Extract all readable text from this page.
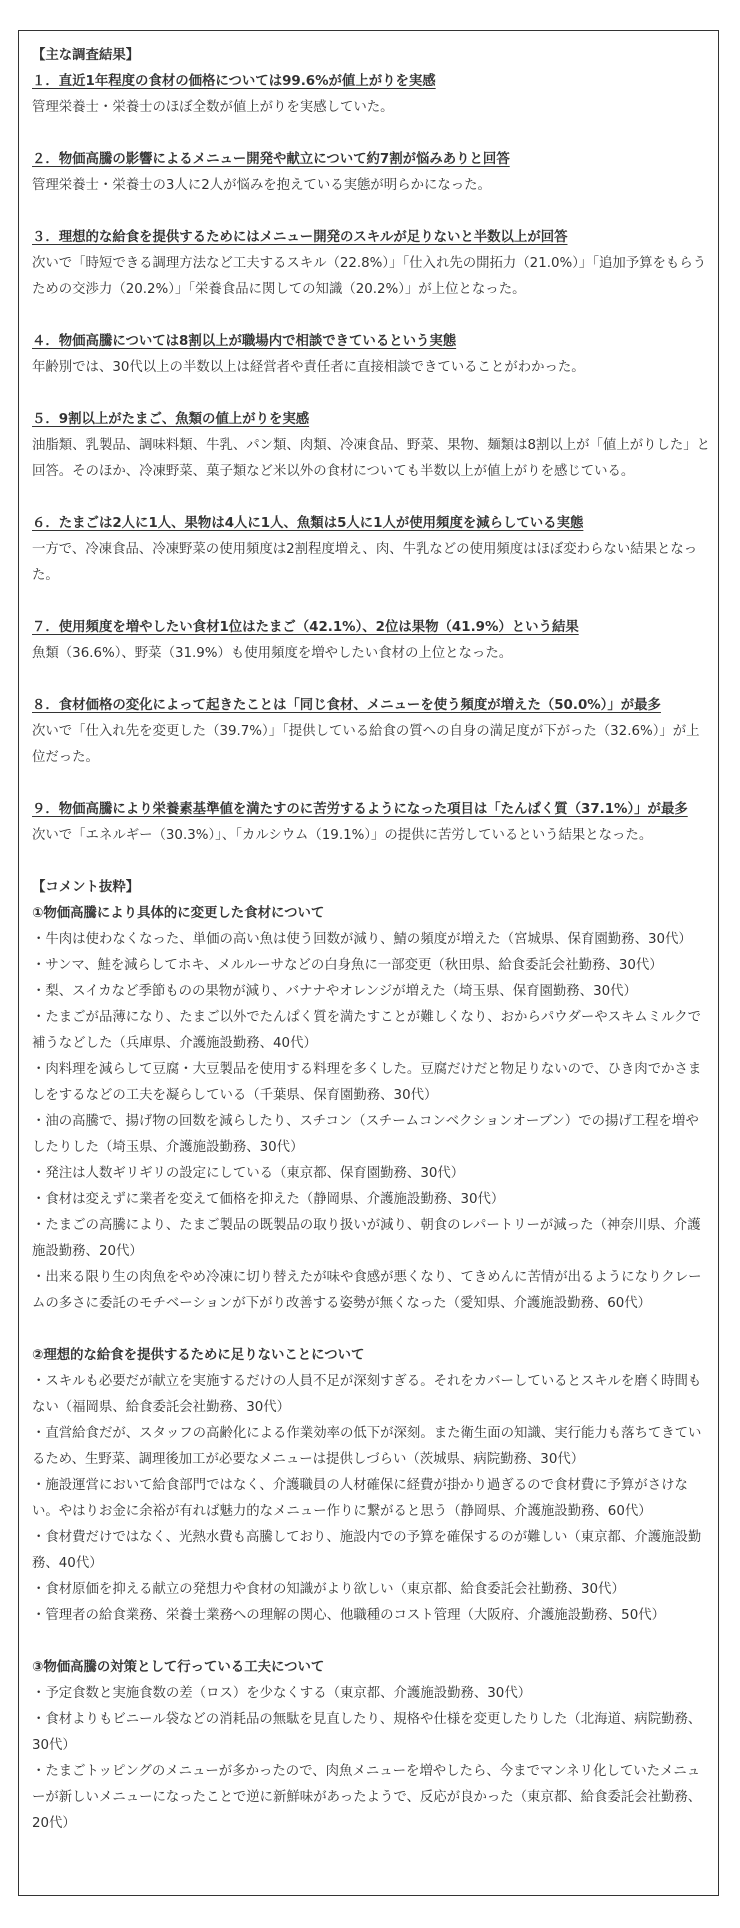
【主な調査結果】

１．直近1年程度の食材の価格については99.6%が値上がりを実感

管理栄養士・栄養士のほぼ全数が値上がりを実感していた。

２．物価高騰の影響によるメニュー開発や献立について約7割が悩みありと回答

管理栄養士・栄養士の3人に2人が悩みを抱えている実態が明らかになった。

３．理想的な給食を提供するためにはメニュー開発のスキルが足りないと半数以上が回答

次いで「時短できる調理方法など工夫するスキル（22.8%）」「仕入れ先の開拓力（21.0%）」「追加予算をもらうための交渉力（20.2%）」「栄養食品に関しての知識（20.2%）」が上位となった。

４．物価高騰については8割以上が職場内で相談できているという実態

年齢別では、30代以上の半数以上は経営者や責任者に直接相談できていることがわかった。

５．9割以上がたまご、魚類の値上がりを実感

油脂類、乳製品、調味料類、牛乳、パン類、肉類、冷凍食品、野菜、果物、麺類は8割以上が「値上がりした」と回答。そのほか、冷凍野菜、菓子類など米以外の食材についても半数以上が値上がりを感じている。

６．たまごは2人に1人、果物は4人に1人、魚類は5人に1人が使用頻度を減らしている実態

一方で、冷凍食品、冷凍野菜の使用頻度は2割程度増え、肉、牛乳などの使用頻度はほぼ変わらない結果となった。

７．使用頻度を増やしたい食材1位はたまご（42.1%）、2位は果物（41.9%）という結果

魚類（36.6%）、野菜（31.9%）も使用頻度を増やしたい食材の上位となった。

８．食材価格の変化によって起きたことは「同じ食材、メニューを使う頻度が増えた（50.0%）」が最多

次いで「仕入れ先を変更した（39.7%）」「提供している給食の質への自身の満足度が下がった（32.6%）」が上位だった。

９．物価高騰により栄養素基準値を満たすのに苦労するようになった項目は「たんぱく質（37.1%）」が最多

次いで「エネルギー（30.3%）」、「カルシウム（19.1%）」の提供に苦労しているという結果となった。

【コメント抜粋】

①物価高騰により具体的に変更した食材について

・牛肉は使わなくなった、単価の高い魚は使う回数が減り、鯖の頻度が増えた（宮城県、保育園勤務、30代）

・サンマ、鮭を減らしてホキ、メルルーサなどの白身魚に一部変更（秋田県、給食委託会社勤務、30代）

・梨、スイカなど季節ものの果物が減り、バナナやオレンジが増えた（埼玉県、保育園勤務、30代）

・たまごが品薄になり、たまご以外でたんぱく質を満たすことが難しくなり、おからパウダーやスキムミルクで補うなどした（兵庫県、介護施設勤務、40代）

・肉料理を減らして豆腐・大豆製品を使用する料理を多くした。豆腐だけだと物足りないので、ひき肉でかさましをするなどの工夫を凝らしている（千葉県、保育園勤務、30代）

・油の高騰で、揚げ物の回数を減らしたり、スチコン（スチームコンベクションオーブン）での揚げ工程を増やしたりした（埼玉県、介護施設勤務、30代）

・発注は人数ギリギリの設定にしている（東京都、保育園勤務、30代）

・食材は変えずに業者を変えて価格を抑えた（静岡県、介護施設勤務、30代）

・たまごの高騰により、たまご製品の既製品の取り扱いが減り、朝食のレパートリーが減った（神奈川県、介護施設勤務、20代）

・出来る限り生の肉魚をやめ冷凍に切り替えたが味や食感が悪くなり、てきめんに苦情が出るようになりクレームの多さに委託のモチベーションが下がり改善する姿勢が無くなった（愛知県、介護施設勤務、60代）

②理想的な給食を提供するために足りないことについて

・スキルも必要だが献立を実施するだけの人員不足が深刻すぎる。それをカバーしているとスキルを磨く時間もない（福岡県、給食委託会社勤務、30代）

・直営給食だが、スタッフの高齢化による作業効率の低下が深刻。また衛生面の知識、実行能力も落ちてきているため、生野菜、調理後加工が必要なメニューは提供しづらい（茨城県、病院勤務、30代）

・施設運営において給食部門ではなく、介護職員の人材確保に経費が掛かり過ぎるので食材費に予算がさけない。やはりお金に余裕が有れば魅力的なメニュー作りに繋がると思う（静岡県、介護施設勤務、60代）

・食材費だけではなく、光熱水費も高騰しており、施設内での予算を確保するのが難しい（東京都、介護施設勤務、40代）

・食材原価を抑える献立の発想力や食材の知識がより欲しい（東京都、給食委託会社勤務、30代）

・管理者の給食業務、栄養士業務への理解の関心、他職種のコスト管理（大阪府、介護施設勤務、50代）

③物価高騰の対策として行っている工夫について

・予定食数と実施食数の差（ロス）を少なくする（東京都、介護施設勤務、30代）

・食材よりもビニール袋などの消耗品の無駄を見直したり、規格や仕様を変更したりした（北海道、病院勤務、30代）

・たまごトッピングのメニューが多かったので、肉魚メニューを増やしたら、今までマンネリ化していたメニューが新しいメニューになったことで逆に新鮮味があったようで、反応が良かった（東京都、給食委託会社勤務、20代）
